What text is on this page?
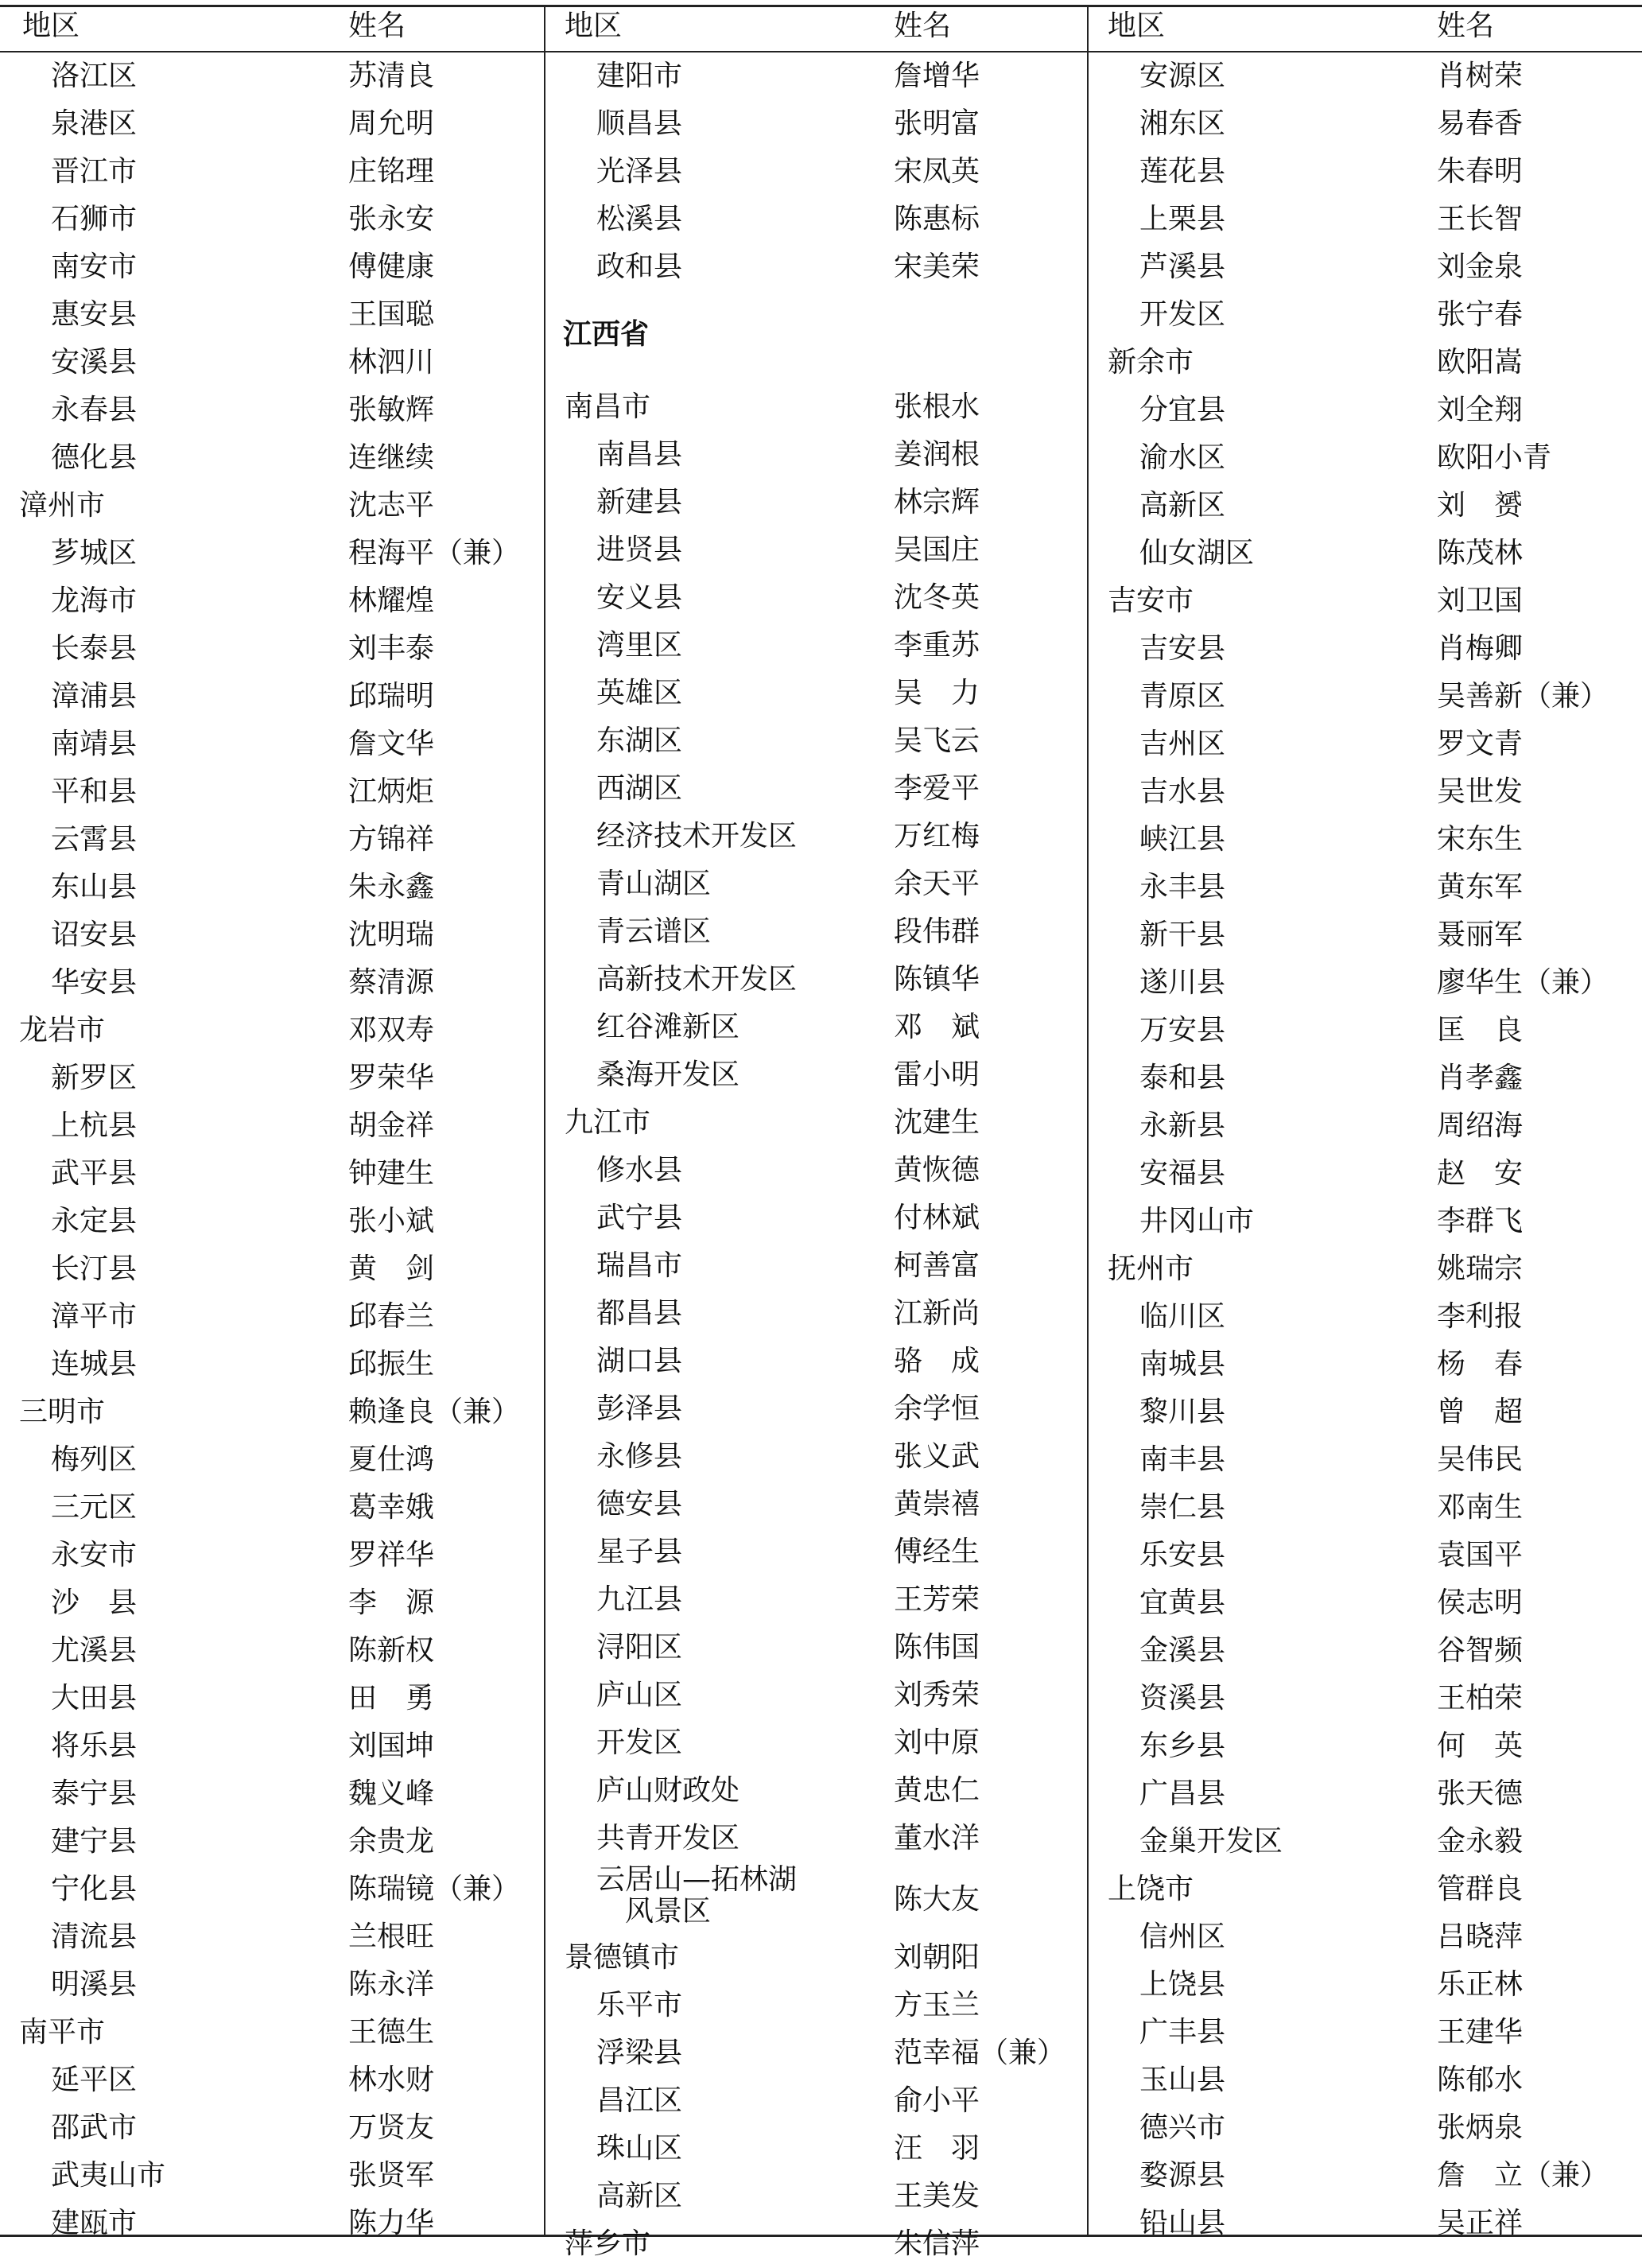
地区	姓名
洛江区	苏清良
泉港区	周允明
晋江市	庄铭理
石狮市	张永安
南安市	傅健康
惠安县	王国聪
安溪县	林泗川
永春县	张敏辉
德化县	连继续
漳州市	沈志平
芗城区	程海平（兼）
龙海市	林耀煌
长泰县	刘丰泰
漳浦县	邱瑞明
南靖县	詹文华
平和县	江炳炬
云霄县	方锦祥
东山县	朱永鑫
诏安县	沈明瑞
华安县	蔡清源
龙岩市	邓双寿
新罗区	罗荣华
上杭县	胡金祥
武平县	钟建生
永定县	张小斌
长汀县	黄　剑
漳平市	邱春兰
连城县	邱振生
三明市	赖逢良（兼）
梅列区	夏仕鸿
三元区	葛幸娥
永安市	罗祥华
沙　县	李　源
尤溪县	陈新权
大田县	田　勇
将乐县	刘国坤
泰宁县	魏义峰
建宁县	余贵龙
宁化县	陈瑞镜（兼）
清流县	兰根旺
明溪县	陈永洋
南平市	王德生
延平区	林水财
邵武市	万贤友
武夷山市	张贤军
建瓯市	陈力华
地区	姓名
建阳市	詹增华
顺昌县	张明富
光泽县	宋凤英
松溪县	陈惠标
政和县	宋美荣
江西省
南昌市	张根水
南昌县	姜润根
新建县	林宗辉
进贤县	吴国庄
安义县	沈冬英
湾里区	李重苏
英雄区	吴　力
东湖区	吴飞云
西湖区	李爱平
经济技术开发区	万红梅
青山湖区	余天平
青云谱区	段伟群
高新技术开发区	陈镇华
红谷滩新区	邓　斌
桑海开发区	雷小明
九江市	沈建生
修水县	黄恢德
武宁县	付林斌
瑞昌市	柯善富
都昌县	江新尚
湖口县	骆　成
彭泽县	余学恒
永修县	张义武
德安县	黄崇禧
星子县	傅经生
九江县	王芳荣
浔阳区	陈伟国
庐山区	刘秀荣
开发区	刘中原
庐山财政处	黄忠仁
共青开发区	董水洋
云居山—拓林湖
风景区	陈大友
景德镇市	刘朝阳
乐平市	方玉兰
浮梁县	范幸福（兼）
昌江区	俞小平
珠山区	汪　羽
高新区	王美发
萍乡市	朱信萍
地区	姓名
安源区	肖树荣
湘东区	易春香
莲花县	朱春明
上栗县	王长智
芦溪县	刘金泉
开发区	张宁春
新余市	欧阳嵩
分宜县	刘全翔
渝水区	欧阳小青
高新区	刘　赟
仙女湖区	陈茂林
吉安市	刘卫国
吉安县	肖梅卿
青原区	吴善新（兼）
吉州区	罗文青
吉水县	吴世发
峡江县	宋东生
永丰县	黄东军
新干县	聂丽军
遂川县	廖华生（兼）
万安县	匡　良
泰和县	肖孝鑫
永新县	周绍海
安福县	赵　安
井冈山市	李群飞
抚州市	姚瑞宗
临川区	李利报
南城县	杨　春
黎川县	曾　超
南丰县	吴伟民
崇仁县	邓南生
乐安县	袁国平
宜黄县	侯志明
金溪县	谷智频
资溪县	王柏荣
东乡县	何　英
广昌县	张天德
金巢开发区	金永毅
上饶市	管群良
信州区	吕晓萍
上饶县	乐正林
广丰县	王建华
玉山县	陈郁水
德兴市	张炳泉
婺源县	詹　立（兼）
铅山县	吴正祥
